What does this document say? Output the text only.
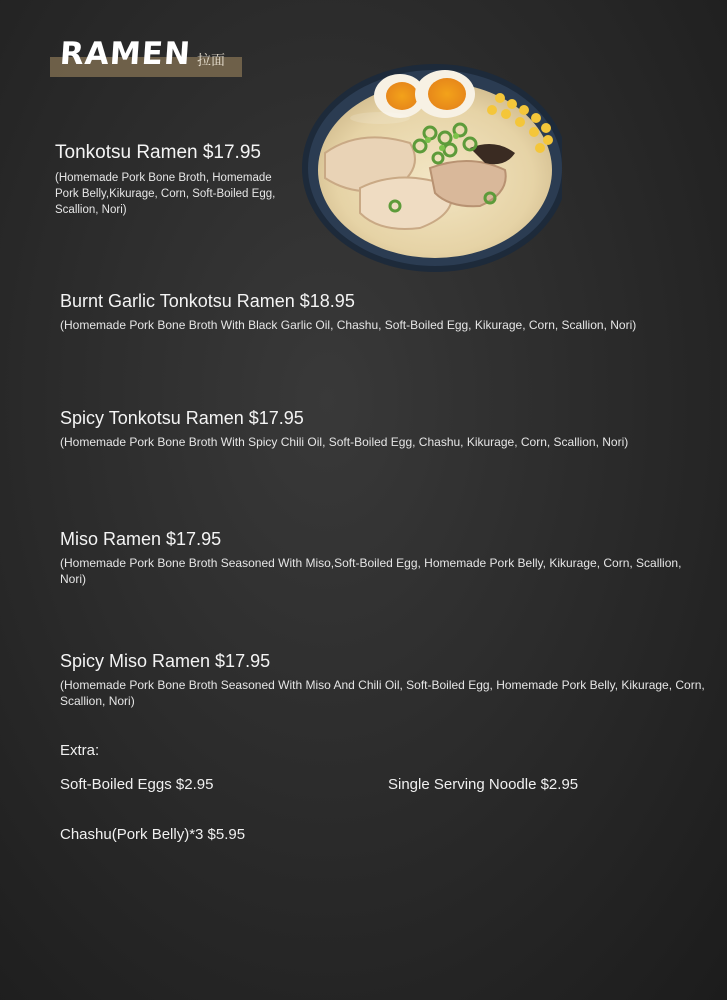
RAMEN 拉面
Tonkotsu Ramen $17.95
(Homemade Pork Bone Broth, Homemade Pork Belly,Kikurage, Corn, Soft-Boiled Egg, Scallion, Nori)
Burnt Garlic Tonkotsu Ramen $18.95
(Homemade Pork Bone Broth With Black Garlic Oil, Chashu, Soft-Boiled Egg, Kikurage, Corn, Scallion, Nori)
Spicy Tonkotsu Ramen $17.95
(Homemade Pork Bone Broth With Spicy Chili Oil, Soft-Boiled Egg, Chashu, Kikurage, Corn, Scallion, Nori)
Miso Ramen $17.95
(Homemade Pork Bone Broth Seasoned With Miso,Soft-Boiled Egg, Homemade Pork Belly, Kikurage, Corn, Scallion, Nori)
Spicy Miso Ramen $17.95
(Homemade Pork Bone Broth Seasoned With Miso And Chili Oil, Soft-Boiled Egg, Homemade Pork Belly, Kikurage, Corn, Scallion, Nori)
Extra:
Soft-Boiled Eggs $2.95	Single Serving Noodle $2.95
Chashu(Pork Belly)*3 $5.95
